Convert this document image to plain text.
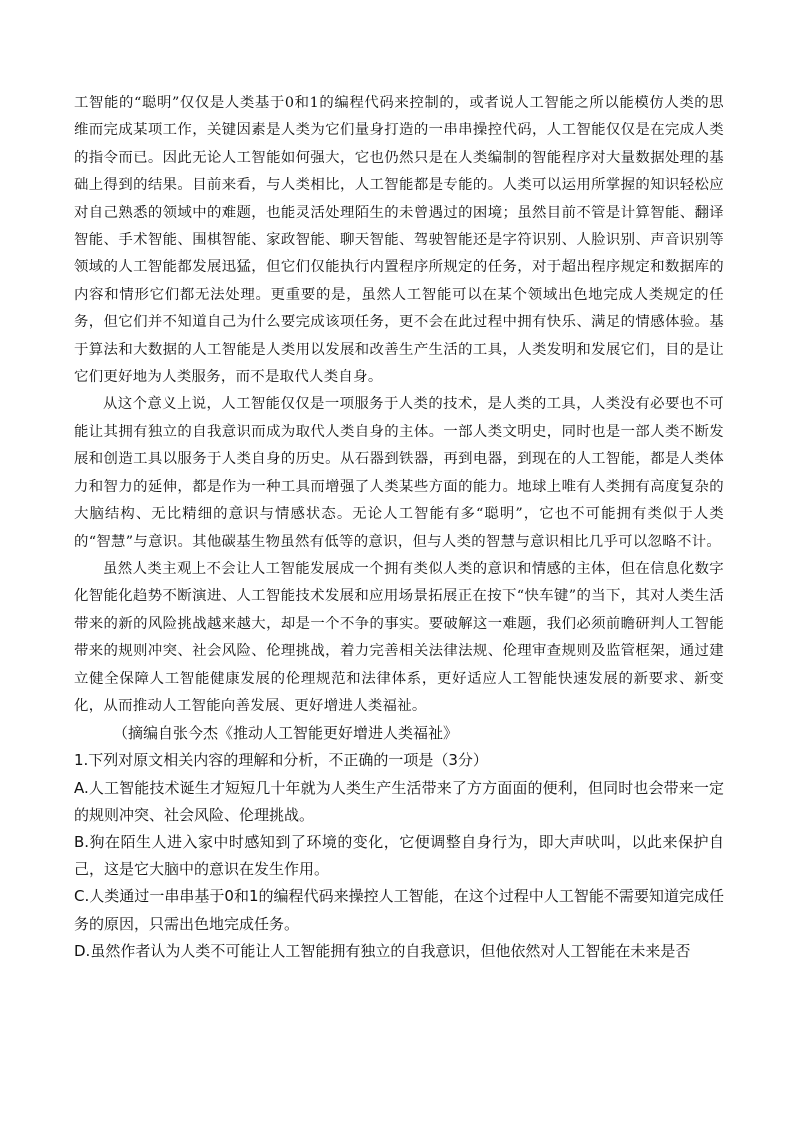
工智能的“聪明”仅仅是人类基于0和1的编程代码来控制的，或者说人工智能之所以能模仿人类的思维而完成某项工作，关键因素是人类为它们量身打造的一串串操控代码，人工智能仅仅是在完成人类的指令而已。因此无论人工智能如何强大，它也仍然只是在人类编制的智能程序对大量数据处理的基础上得到的结果。目前来看，与人类相比，人工智能都是专能的。人类可以运用所掌握的知识轻松应对自己熟悉的领域中的难题，也能灵活处理陌生的未曾遇过的困境；虽然目前不管是计算智能、翻译智能、手术智能、围棋智能、家政智能、聊天智能、驾驶智能还是字符识别、人脸识别、声音识别等领域的人工智能都发展迅猛，但它们仅能执行内置程序所规定的任务，对于超出程序规定和数据库的内容和情形它们都无法处理。更重要的是，虽然人工智能可以在某个领域出色地完成人类规定的任务，但它们并不知道自己为什么要完成该项任务，更不会在此过程中拥有快乐、满足的情感体验。基于算法和大数据的人工智能是人类用以发展和改善生产生活的工具，人类发明和发展它们，目的是让它们更好地为人类服务，而不是取代人类自身。

从这个意义上说，人工智能仅仅是一项服务于人类的技术，是人类的工具，人类没有必要也不可能让其拥有独立的自我意识而成为取代人类自身的主体。一部人类文明史，同时也是一部人类不断发展和创造工具以服务于人类自身的历史。从石器到铁器，再到电器，到现在的人工智能，都是人类体力和智力的延伸，都是作为一种工具而增强了人类某些方面的能力。地球上唯有人类拥有高度复杂的大脑结构、无比精细的意识与情感状态。无论人工智能有多“聪明”，它也不可能拥有类似于人类的“智慧”与意识。其他碳基生物虽然有低等的意识，但与人类的智慧与意识相比几乎可以忽略不计。

虽然人类主观上不会让人工智能发展成一个拥有类似人类的意识和情感的主体，但在信息化数字化智能化趋势不断演进、人工智能技术发展和应用场景拓展正在按下“快车键”的当下，其对人类生活带来的新的风险挑战越来越大，却是一个不争的事实。要破解这一难题，我们必须前瞻研判人工智能带来的规则冲突、社会风险、伦理挑战，着力完善相关法律法规、伦理审查规则及监管框架，通过建立健全保障人工智能健康发展的伦理规范和法律体系，更好适应人工智能快速发展的新要求、新变化，从而推动人工智能向善发展、更好增进人类福祉。

（摘编自张今杰《推动人工智能更好增进人类福祉》

1.下列对原文相关内容的理解和分析，不正确的一项是（3分）

A.人工智能技术诞生才短短几十年就为人类生产生活带来了方方面面的便利，但同时也会带来一定的规则冲突、社会风险、伦理挑战。

B.狗在陌生人进入家中时感知到了环境的变化，它便调整自身行为，即大声吠叫，以此来保护自己，这是它大脑中的意识在发生作用。

C.人类通过一串串基于0和1的编程代码来操控人工智能，在这个过程中人工智能不需要知道完成任务的原因，只需出色地完成任务。

D.虽然作者认为人类不可能让人工智能拥有独立的自我意识，但他依然对人工智能在未来是否
